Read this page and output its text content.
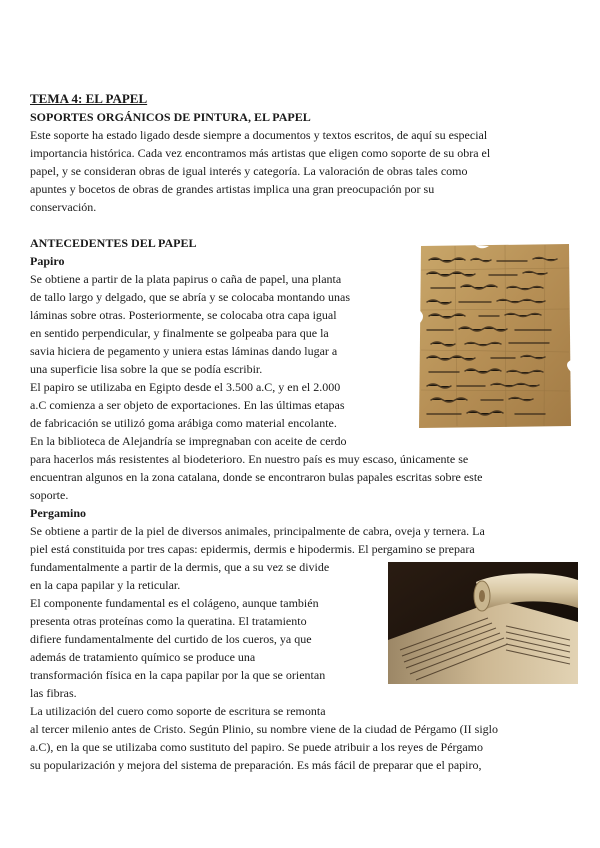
TEMA 4: EL PAPEL
SOPORTES ORGÁNICOS DE PINTURA, EL PAPEL
Este soporte ha estado ligado desde siempre a documentos y textos escritos, de aquí su especial
importancia histórica. Cada vez encontramos más artistas que eligen como soporte de su obra el
papel, y se consideran obras de igual interés y categoría. La valoración de obras tales como
apuntes y bocetos de obras de grandes artistas implica una gran preocupación por su
conservación.
ANTECEDENTES DEL PAPEL
Papiro
Se obtiene a partir de la plata papirus o caña de papel, una planta
de tallo largo y delgado, que se abría y se colocaba montando unas
láminas sobre otras. Posteriormente, se colocaba otra capa igual
en sentido perpendicular, y finalmente se golpeaba para que la
savia hiciera de pegamento y uniera estas láminas dando lugar a
una superficie lisa sobre la que se podía escribir.
El papiro se utilizaba en Egipto desde el 3.500 a.C, y en el 2.000
a.C comienza a ser objeto de exportaciones. En las últimas etapas
de fabricación se utilizó goma arábiga como material encolante.
En la biblioteca de Alejandría se impregnaban con aceite de cerdo
para hacerlos más resistentes al biodeterioro. En nuestro país es muy escaso, únicamente se
encuentran algunos en la zona catalana, donde se encontraron bulas papales escritas sobre este
soporte.
Pergamino
Se obtiene a partir de la piel de diversos animales, principalmente de cabra, oveja y ternera. La
piel está constituida por tres capas: epidermis, dermis e hipodermis. El pergamino se prepara
fundamentalmente a partir de la dermis, que a su vez se divide
en la capa papilar y la reticular.
El componente fundamental es el colágeno, aunque también
presenta otras proteínas como la queratina. El tratamiento
difiere fundamentalmente del curtido de los cueros, ya que
además de tratamiento químico se produce una
transformación física en la capa papilar por la que se orientan
las fibras.
La utilización del cuero como soporte de escritura se remonta
al tercer milenio antes de Cristo. Según Plinio, su nombre viene de la ciudad de Pérgamo (II siglo
a.C), en la que se utilizaba como sustituto del papiro. Se puede atribuir a los reyes de Pérgamo
su popularización y mejora del sistema de preparación. Es más fácil de preparar que el papiro,
